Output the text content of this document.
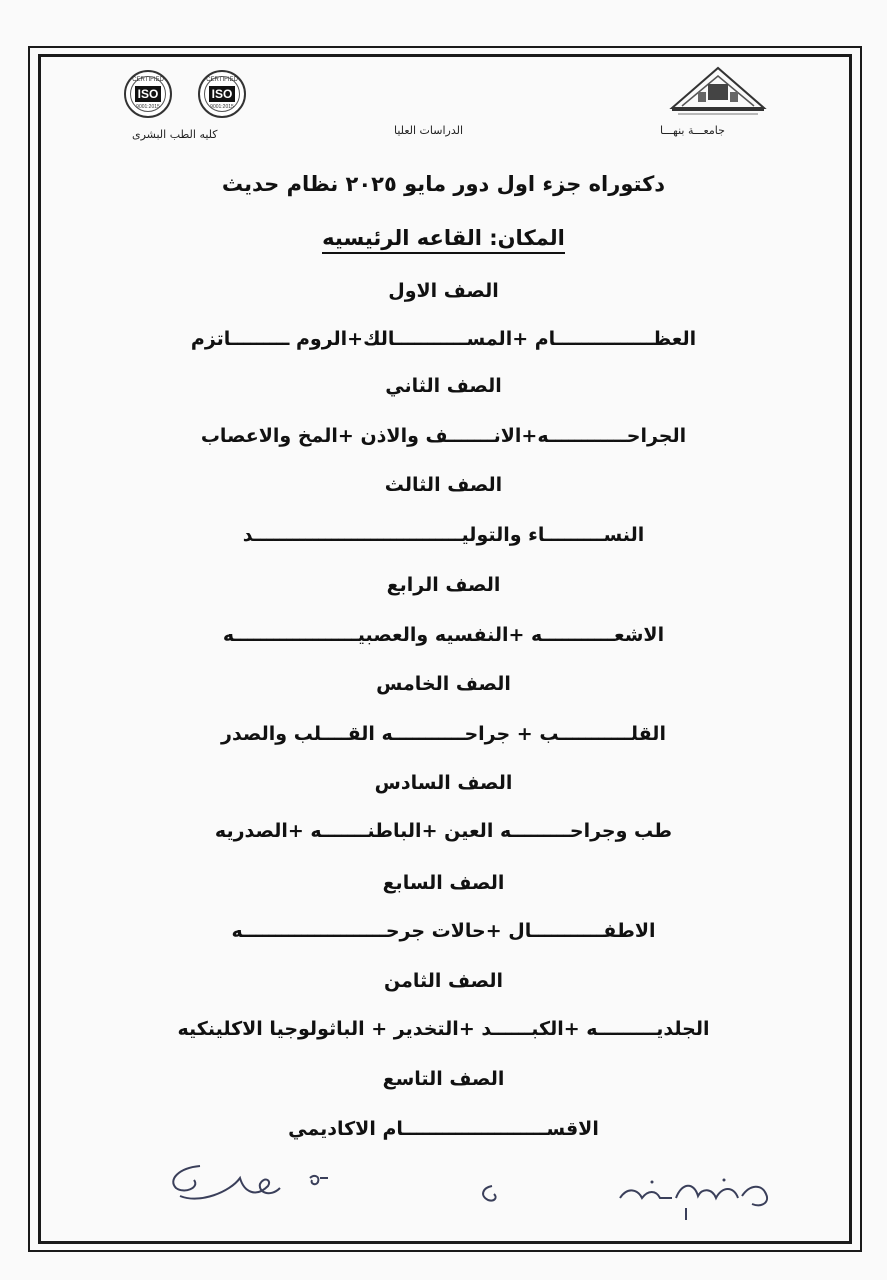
جامعـــة بنهـــا
الدراسات العليا
كليه الطب البشرى
CERTIFIED
ISO
9001:2015
CERTIFIED
ISO
9001:2015
دكتوراه جزء اول دور مايو ٢٠٢٥ نظام حديث
المكان: القاعه الرئيسيه
الصف الاول
العظـــــــــــــــام +المســـــــــــالك+الروم ـــــــــاتزم
الصف الثاني
الجراحــــــــــــه+الانـــــــف والاذن +المخ والاعصاب
الصف الثالث
النســـــــــاء والتوليــــــــــــــــــــــــــــــــد
الصف الرابع
الاشعـــــــــــه +النفسيه والعصبيـــــــــــــــــــه
الصف الخامس
القلـــــــــــب + جراحـــــــــــه القــــلب والصدر
الصف السادس
طب وجراحـــــــــه العين +الباطنـــــــه +الصدريه
الصف السابع
الاطفـــــــــــال +حالات جرحــــــــــــــــــــــه
الصف الثامن
الجلديـــــــــه +الكبــــــد +التخدير + الباثولوجيا الاكلينكيه
الصف التاسع
الاقســــــــــــــــــــــام الاكاديمي
